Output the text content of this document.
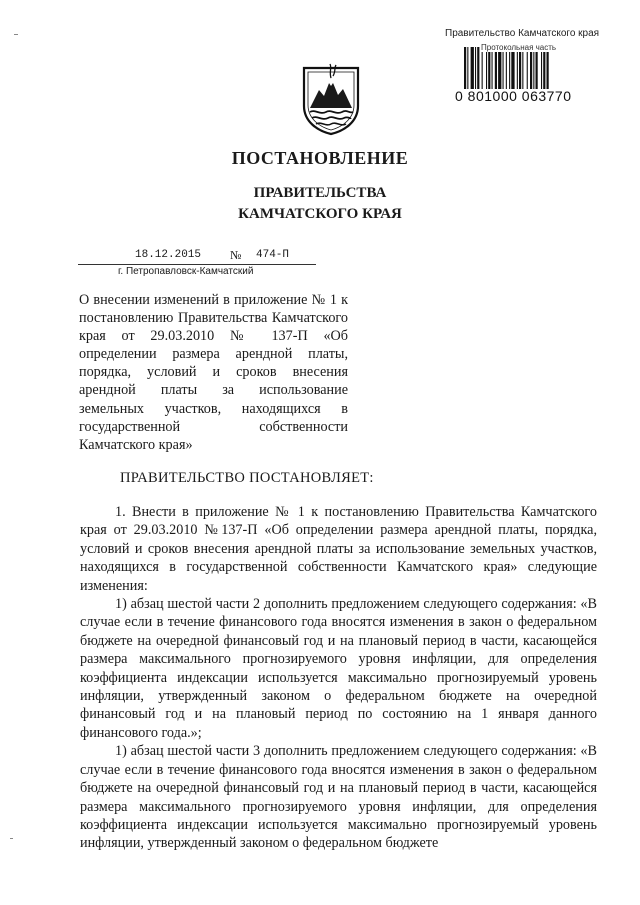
Правительство Камчатского края
Протокольная часть
0 801000 063770
ПОСТАНОВЛЕНИЕ
ПРАВИТЕЛЬСТВА
КАМЧАТСКОГО КРАЯ
18.12.2015 № 474-П
г. Петропавловск-Камчатский
О внесении изменений в приложение № 1 к постановлению Правительства Камчатского края от 29.03.2010 № 137-П «Об определении размера арендной платы, порядка, условий и сроков внесения арендной платы за использование земельных участков, находящихся в государственной собственности Камчатского края»
ПРАВИТЕЛЬСТВО ПОСТАНОВЛЯЕТ:

1. Внести в приложение № 1 к постановлению Правительства Камчатского края от 29.03.2010 №137-П «Об определении размера арендной платы, порядка, условий и сроков внесения арендной платы за использование земельных участков, находящихся в государственной собственности Камчатского края» следующие изменения:

1) абзац шестой части 2 дополнить предложением следующего содержания: «В случае если в течение финансового года вносятся изменения в закон о федеральном бюджете на очередной финансовый год и на плановый период в части, касающейся размера максимального прогнозируемого уровня инфляции, для определения коэффициента индексации используется максимально прогнозируемый уровень инфляции, утвержденный законом о федеральном бюджете на очередной финансовый год и на плановый период по состоянию на 1 января данного финансового года.»;

1) абзац шестой части 3 дополнить предложением следующего содержания: «В случае если в течение финансового года вносятся изменения в закон о федеральном бюджете на очередной финансовый год и на плановый период в части, касающейся размера максимального прогнозируемого уровня инфляции, для определения коэффициента индексации используется максимально прогнозируемый уровень инфляции, утвержденный законом о федеральном бюджете
